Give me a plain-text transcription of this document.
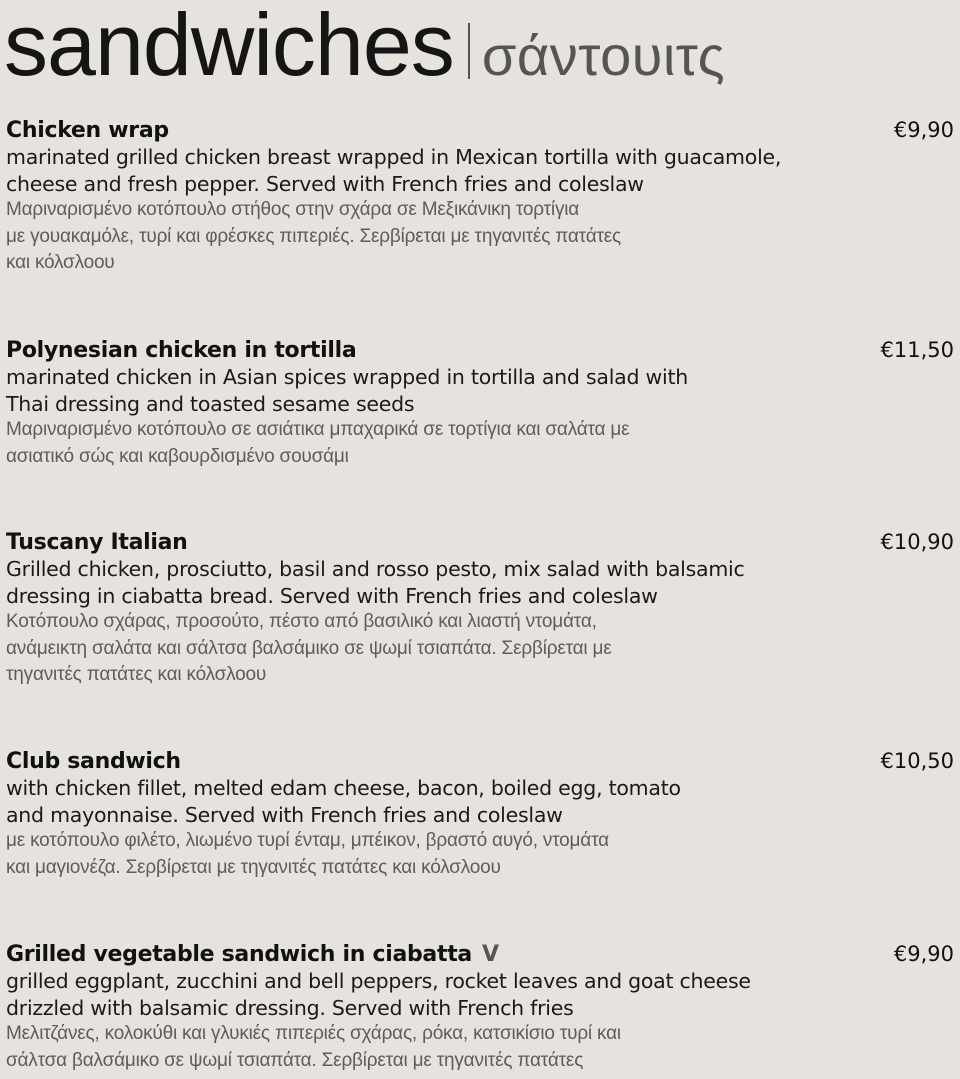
sandwiches σάντουιτς
Chicken wrap	€9,90

marinated grilled chicken breast wrapped in Mexican tortilla with guacamole,
cheese and fresh pepper. Served with French fries and coleslaw

Μαριναρισμένο κοτόπουλο στήθος στην σχάρα σε Μεξικάνικη τορτίγια
με γουακαμόλε, τυρί και φρέσκες πιπεριές. Σερβίρεται με τηγανιτές πατάτες
και κόλσλοου

Polynesian chicken in tortilla	€11,50

marinated chicken in Asian spices wrapped in tortilla and salad with
Thai dressing and toasted sesame seeds

Μαριναρισμένο κοτόπουλο σε ασιάτικα μπαχαρικά σε τορτίγια και σαλάτα με
ασιατικό σώς και καβουρδισμένο σουσάμι

Tuscany Italian	€10,90

Grilled chicken, prosciutto, basil and rosso pesto, mix salad with balsamic
dressing in ciabatta bread. Served with French fries and coleslaw

Κοτόπουλο σχάρας, προσούτο, πέστο από βασιλικό και λιαστή ντομάτα,
ανάμεικτη σαλάτα και σάλτσα βαλσάμικο σε ψωμί τσιαπάτα. Σερβίρεται με
τηγανιτές πατάτες και κόλσλοου

Club sandwich	€10,50

with chicken fillet, melted edam cheese, bacon, boiled egg, tomato
and mayonnaise. Served with French fries and coleslaw

με κοτόπουλο φιλέτο, λιωμένο τυρί ένταμ, μπέικον, βραστό αυγό, ντομάτα
και μαγιονέζα. Σερβίρεται με τηγανιτές πατάτες και κόλσλοου

Grilled vegetable sandwich in ciabatta V	€9,90

grilled eggplant, zucchini and bell peppers, rocket leaves and goat cheese
drizzled with balsamic dressing. Served with French fries

Μελιτζάνες, κολοκύθι και γλυκιές πιπεριές σχάρας, ρόκα, κατσικίσιο τυρί και
σάλτσα βαλσάμικο σε ψωμί τσιαπάτα. Σερβίρεται με τηγανιτές πατάτες
